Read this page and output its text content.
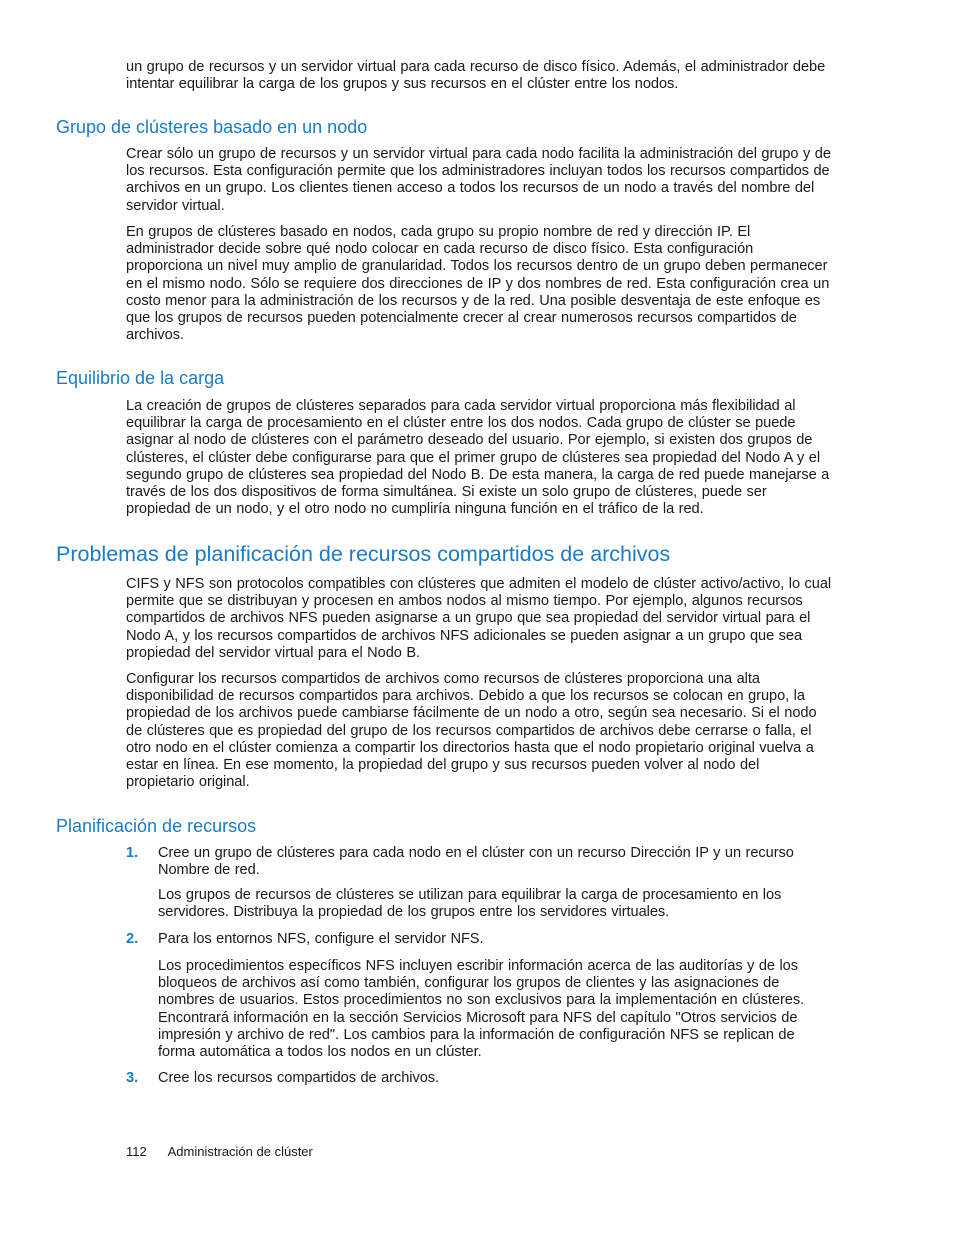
un grupo de recursos y un servidor virtual para cada recurso de disco físico. Además, el administrador debe intentar equilibrar la carga de los grupos y sus recursos en el clúster entre los nodos.

Grupo de clústeres basado en un nodo

Crear sólo un grupo de recursos y un servidor virtual para cada nodo facilita la administración del grupo y de los recursos. Esta configuración permite que los administradores incluyan todos los recursos compartidos de archivos en un grupo. Los clientes tienen acceso a todos los recursos de un nodo a través del nombre del servidor virtual.

En grupos de clústeres basado en nodos, cada grupo su propio nombre de red y dirección IP. El administrador decide sobre qué nodo colocar en cada recurso de disco físico. Esta configuración proporciona un nivel muy amplio de granularidad. Todos los recursos dentro de un grupo deben permanecer en el mismo nodo. Sólo se requiere dos direcciones de IP y dos nombres de red. Esta configuración crea un costo menor para la administración de los recursos y de la red. Una posible desventaja de este enfoque es que los grupos de recursos pueden potencialmente crecer al crear numerosos recursos compartidos de archivos.

Equilibrio de la carga

La creación de grupos de clústeres separados para cada servidor virtual proporciona más flexibilidad al equilibrar la carga de procesamiento en el clúster entre los dos nodos. Cada grupo de clúster se puede asignar al nodo de clústeres con el parámetro deseado del usuario. Por ejemplo, si existen dos grupos de clústeres, el clúster debe configurarse para que el primer grupo de clústeres sea propiedad del Nodo A y el segundo grupo de clústeres sea propiedad del Nodo B. De esta manera, la carga de red puede manejarse a través de los dos dispositivos de forma simultánea. Si existe un solo grupo de clústeres, puede ser propiedad de un nodo, y el otro nodo no cumpliría ninguna función en el tráfico de la red.

Problemas de planificación de recursos compartidos de archivos

CIFS y NFS son protocolos compatibles con clústeres que admiten el modelo de clúster activo/activo, lo cual permite que se distribuyan y procesen en ambos nodos al mismo tiempo. Por ejemplo, algunos recursos compartidos de archivos NFS pueden asignarse a un grupo que sea propiedad del servidor virtual para el Nodo A, y los recursos compartidos de archivos NFS adicionales se pueden asignar a un grupo que sea propiedad del servidor virtual para el Nodo B.

Configurar los recursos compartidos de archivos como recursos de clústeres proporciona una alta disponibilidad de recursos compartidos para archivos. Debido a que los recursos se colocan en grupo, la propiedad de los archivos puede cambiarse fácilmente de un nodo a otro, según sea necesario. Si el nodo de clústeres que es propiedad del grupo de los recursos compartidos de archivos debe cerrarse o falla, el otro nodo en el clúster comienza a compartir los directorios hasta que el nodo propietario original vuelva a estar en línea. En ese momento, la propiedad del grupo y sus recursos pueden volver al nodo del propietario original.

Planificación de recursos
1. Cree un grupo de clústeres para cada nodo en el clúster con un recurso Dirección IP y un recurso Nombre de red.

Los grupos de recursos de clústeres se utilizan para equilibrar la carga de procesamiento en los servidores. Distribuya la propiedad de los grupos entre los servidores virtuales.

2. Para los entornos NFS, configure el servidor NFS.

Los procedimientos específicos NFS incluyen escribir información acerca de las auditorías y de los bloqueos de archivos así como también, configurar los grupos de clientes y las asignaciones de nombres de usuarios. Estos procedimientos no son exclusivos para la implementación en clústeres. Encontrará información en la sección Servicios Microsoft para NFS del capítulo "Otros servicios de impresión y archivo de red". Los cambios para la información de configuración NFS se replican de forma automática a todos los nodos en un clúster.

3. Cree los recursos compartidos de archivos.

112 Administración de clúster
